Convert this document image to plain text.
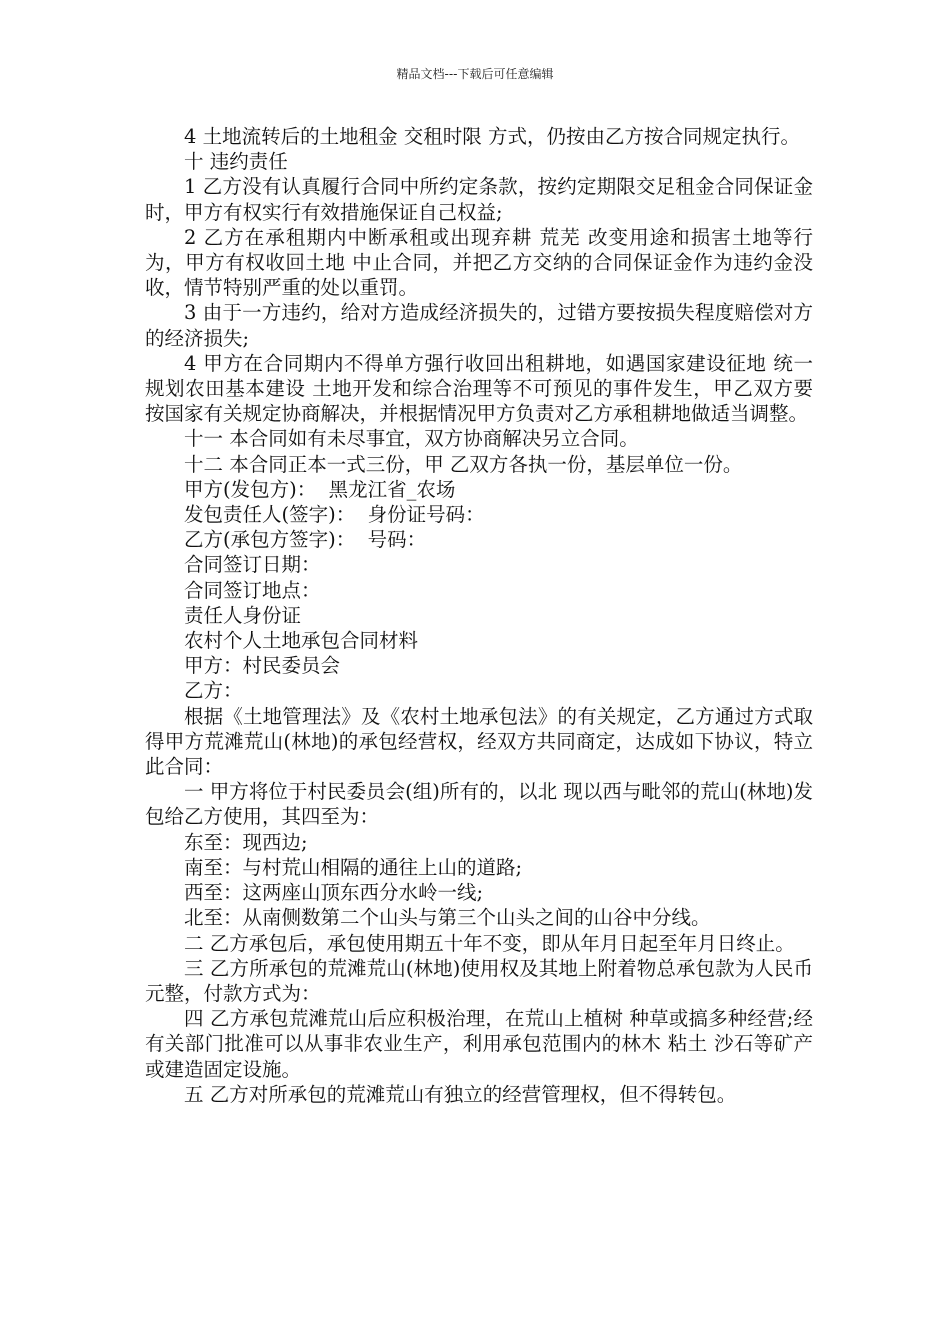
精品文档---下载后可任意编辑

4 土地流转后的土地租金 交租时限 方式，仍按由乙方按合同规定执行。

十 违约责任

1 乙方没有认真履行合同中所约定条款，按约定期限交足租金合同保证金时，甲方有权实行有效措施保证自己权益;

2 乙方在承租期内中断承租或出现弃耕 荒芜 改变用途和损害土地等行为，甲方有权收回土地 中止合同，并把乙方交纳的合同保证金作为违约金没收，情节特别严重的处以重罚。

3 由于一方违约，给对方造成经济损失的，过错方要按损失程度赔偿对方的经济损失;

4 甲方在合同期内不得单方强行收回出租耕地，如遇国家建设征地 统一规划农田基本建设 土地开发和综合治理等不可预见的事件发生，甲乙双方要按国家有关规定协商解决，并根据情况甲方负责对乙方承租耕地做适当调整。

十一 本合同如有未尽事宜，双方协商解决另立合同。

十二 本合同正本一式三份，甲 乙双方各执一份，基层单位一份。

甲方(发包方)：  黑龙江省_农场

发包责任人(签字)：  身份证号码：

乙方(承包方签字)：  号码：

合同签订日期：

合同签订地点：

责任人身份证

农村个人土地承包合同材料

甲方：村民委员会

乙方：

根据《土地管理法》及《农村土地承包法》的有关规定，乙方通过方式取得甲方荒滩荒山(林地)的承包经营权，经双方共同商定，达成如下协议，特立此合同：

一 甲方将位于村民委员会(组)所有的，以北 现以西与毗邻的荒山(林地)发包给乙方使用，其四至为：

东至：现西边;

南至：与村荒山相隔的通往上山的道路;

西至：这两座山顶东西分水岭一线;

北至：从南侧数第二个山头与第三个山头之间的山谷中分线。

二 乙方承包后，承包使用期五十年不变，即从年月日起至年月日终止。

三 乙方所承包的荒滩荒山(林地)使用权及其地上附着物总承包款为人民币元整，付款方式为：

四 乙方承包荒滩荒山后应积极治理，在荒山上植树 种草或搞多种经营;经有关部门批准可以从事非农业生产，利用承包范围内的林木 粘土 沙石等矿产或建造固定设施。

五 乙方对所承包的荒滩荒山有独立的经营管理权，但不得转包。
